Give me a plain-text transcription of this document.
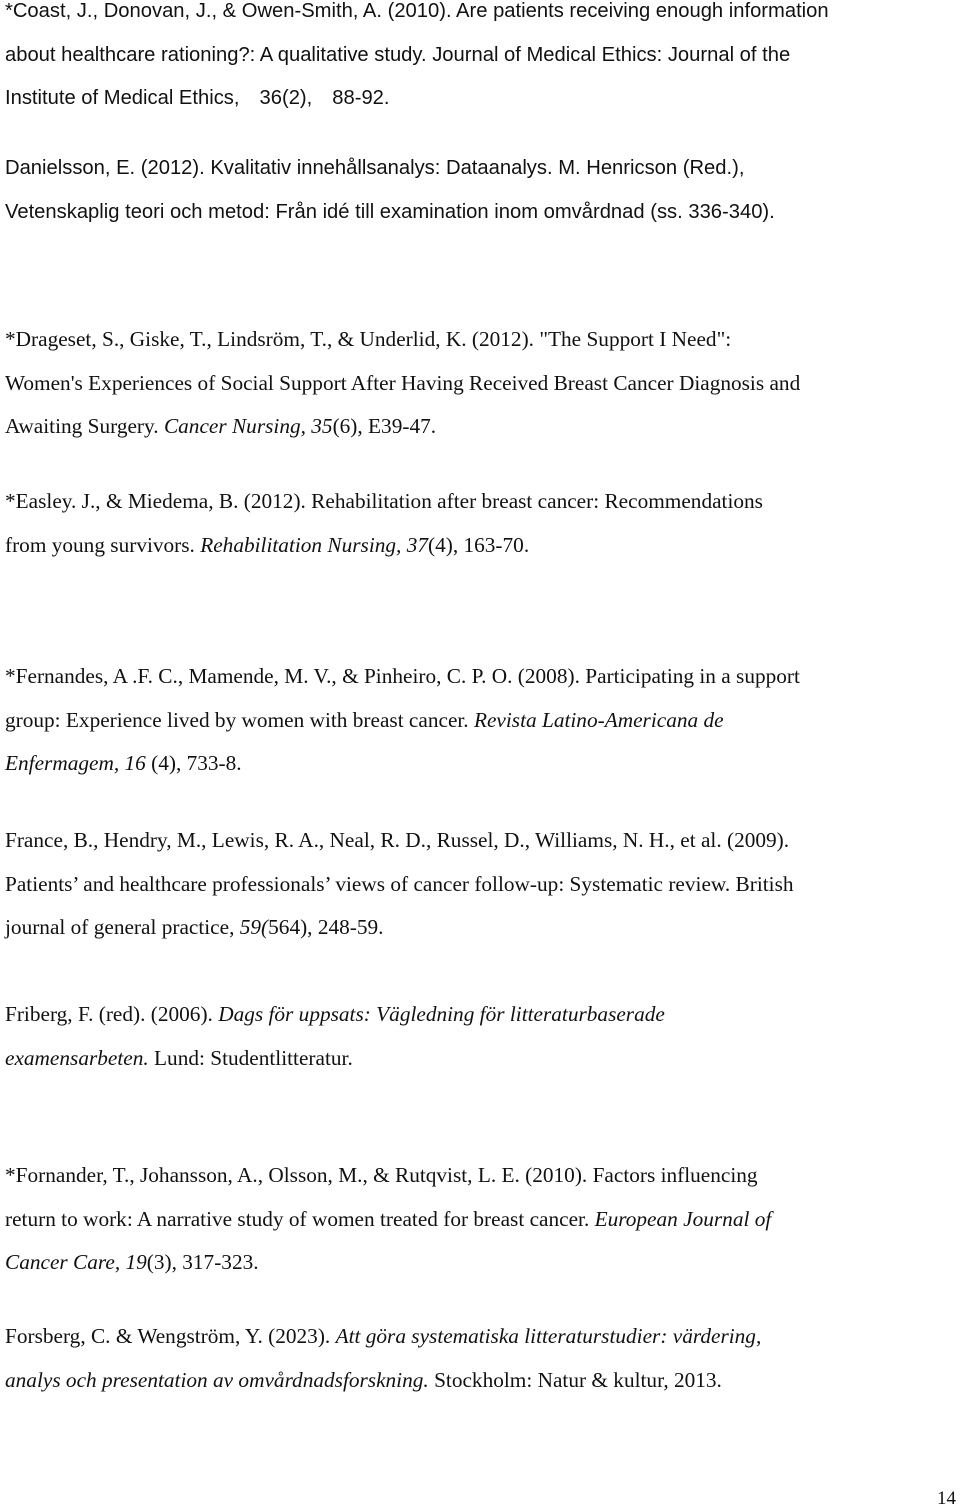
*Coast, J., Donovan, J., & Owen-Smith, A. (2010). Are patients receiving enough information
about healthcare rationing?: A qualitative study. Journal of Medical Ethics: Journal of the
Institute of Medical Ethics, 36(2), 88-92.
Danielsson, E. (2012). Kvalitativ innehållsanalys: Dataanalys. M. Henricson (Red.),
Vetenskaplig teori och metod: Från idé till examination inom omvårdnad (ss. 336-340).
*Drageset, S., Giske, T., Lindsröm, T., & Underlid, K. (2012). "The Support I Need":
Women's Experiences of Social Support After Having Received Breast Cancer Diagnosis and
Awaiting Surgery. Cancer Nursing, 35(6), E39-47.
*Easley. J., & Miedema, B. (2012). Rehabilitation after breast cancer: Recommendations
from young survivors. Rehabilitation Nursing, 37(4), 163-70.
*Fernandes, A .F. C., Mamende, M. V., & Pinheiro, C. P. O. (2008). Participating in a support
group: Experience lived by women with breast cancer. Revista Latino-Americana de
Enfermagem, 16 (4), 733-8.
France, B., Hendry, M., Lewis, R. A., Neal, R. D., Russel, D., Williams, N. H., et al. (2009).
Patients’ and healthcare professionals’ views of cancer follow-up: Systematic review. British
journal of general practice, 59(564), 248-59.
Friberg, F. (red). (2006). Dags för uppsats: Vägledning för litteraturbaserade
examensarbeten. Lund: Studentlitteratur.
*Fornander, T., Johansson, A., Olsson, M., & Rutqvist, L. E. (2010). Factors influencing
return to work: A narrative study of women treated for breast cancer. European Journal of
Cancer Care, 19(3), 317-323.
Forsberg, C. & Wengström, Y. (2023). Att göra systematiska litteraturstudier: värdering,
analys och presentation av omvårdnadsforskning. Stockholm: Natur & kultur, 2013.
14
